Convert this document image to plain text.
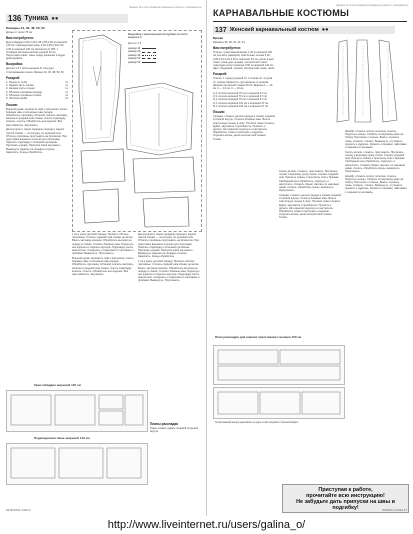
Данные без учета размеров приведены в расчете, описывая все.
136 Туника ●●
Размеры 44, 46, 48, 50, 52
Длина от талии 75 см
Вам потребуется:
Крeп-габардин 0,80-1,20-1,45-2,50-2,50 м шириной 140 см; подкладочная ткань 2,25-2,25-2,30-2,30-2,30 м шириной 140 см; флизелин G 785; 1 потайная застежка-молния длиной 22 см. Подготовка ткани: ткань перед раскроем следует декатировать.
Выкройка:
Детали 1-6 с листа выкроек D. Контуры: Стилизованная линия. Размер 44, 46, 48, 50, 52.
Раскрой:
1. Перед по сгибу	1х
2. Задняя часть спинки	1х
3. Нижняя часть спинки	1х
4. Обтачка горловины переда	1х
5. Обтачка горловины спинки	1х
6. Обтачка пройм	2х
Пошив:
Втачной рукав: перевести лиф с припуском. Сшить боковые швы и плечевые швы переда. Обработать горловину обтачкой, втачать застёжку-молнию в средний шов спинки. Сшить подкладку, втачать, отшить. Обработать низ изделия. Все швы обметать. Заутюжить.
Детали кроя и линии середины переда и задних частей спинки — по рисунку, по долевой нити. Обтачку горловины приутюжить на флизелин. При подготовке вырезать полоски для прокладки. Пришить подкладку к обтачкам горловины. Притачать рукава. Припуски швов заутюжить. Вывернуть изделие на лицевую сторону. Закрепить. Концы обработать.
Выкройка с нанесенными контурами на листе выкроек С
Детали 1-6
размер 44
размер 46
размер 48
размер 50
размер 52
1 см к срезу деталей переда. Пришить обтачку горловины. Стачать средний шов спинки до метки. Вшить застежку-молнию. Обработать вытачки на переде и спинке. Стачать боковые швы. Подогнуть низ изделия и подшить вручную. Подкладку сшить аналогично. Соединить с изделием по горловине и проймам. Вывернуть. Приутюжить.
Втачной рукав: перевести лиф с припуском. Сшить боковые швы и плечевые швы переда. Обработать горловину обтачкой, втачать застёжку-молнию в средний шов спинки. Сшить подкладку, втачать, отшить. Обработать низ изделия. Все швы обметать. Заутюжить.
Детали кроя и линии середины переда и задних частей спинки — по рисунку, по долевой нити. Обтачку горловины приутюжить на флизелин. При подготовке вырезать полоски для прокладки. Пришить подкладку к обтачкам горловины. Притачать рукава. Припуски швов заутюжить. Вывернуть изделие на лицевую сторону. Закрепить. Концы обработать.
1 см к срезу деталей переда. Пришить обтачку горловины. Стачать средний шов спинки до метки. Вшить застежку-молнию. Обработать вытачки на переде и спинке. Стачать боковые швы. Подогнуть низ изделия и подшить вручную. Подкладку сшить аналогично. Соединить с изделием по горловине и проймам. Вывернуть. Приутюжить.
Креп-габардин шириной 140 см
Подкладочная ткань шириной 140 см
Планы раскладки
Ткань сложить вдвое лицевой стороной внутрь.
56 BURDA 1/2012
Данные без учета размеров приведены в расчете, описывая все.
КАРНАВАЛЬНЫЕ КОСТЮМЫ
137 Женский карнавальный костюм ●●
Брюки
Размеры 36, 38, 40, 42, 44
Вам потребуется:
Платье, трикотажный велюр 1,40 м шириной 150 см для всех размеров; эластичная тесьма 3,00-3,05-3,10-3,15-3,20 м шириной 3,5 см; нитки в цвет ткани; ткань для укладки, контрастной ткани; подкладки сетки трикотаж 0,50 м шириной 140 см. Цвет: бордовый, черный. Контрастная ткань: шёлк.
Раскрой:
Платье: 1 перед средней 4х, 2 спинка 4х, 3 рукав 2х. Срезы совместить при раскрое по линиям. Ширина притачной планки 20 см. Ширина 1 — 16 см, 2 — 14 см, 3 — 16 см.
1) 1 полоса шириной 70 см и шириной 47 см
2) 1 полоса шириной 70 см и шириной 47 см
3) 1 полоса шириной 70 см и шириной 47 см
4) 1 полоса шириной 100 см и шириной 47 см
5) 1 полоса шириной 100 см и шириной 47 см
Пошив:
Складки: сложить детали переда и спинки лицевой стороной внутрь. Стачать боковые швы. Вшить эластичную тесьму в пояс. Полоски ткани сложить вдвое, заутюжить и присборить. Пришить к детали. Низ изделия подогнуть и настрочить. Обработать ткани и притачать к изделию. Отделать волан, рюши контрастной тканью. Готово.
Сшить детали, сложить, приутюжить. Притачать тесьму к верхнему срезу пояса. Стачать средний шов. Пришить планку и притачать пояс к брюкам. Свободный срез обработать, подогнуть и настрочить. Сложить брюки, сметать по шаговым швам, стачать, обработать срезы, вывернуть. Приутюжить.
Складки: сложить детали переда и спинки лицевой стороной внутрь. Стачать боковые швы. Вшить эластичную тесьму в пояс. Полоски ткани сложить вдвое, заутюжить и присборить. Пришить к детали. Низ изделия подогнуть и настрочить. Обработать ткани и притачать к изделию. Отделать волан, рюши контрастной тканью. Готово.
Шлейф: сложить полосу пополам, стачать. Подогнуть концы. Собрать по верхнему краю на сборку. Притачать к платью. Банты: отрезать ткань, сложить, стачать. Вывернуть, отутюжить, пришить к изделию. Украсить стразами, пайетками и перьями по желанию.
Сшить детали, сложить, приутюжить. Притачать тесьму к верхнему срезу пояса. Стачать средний шов. Пришить планку и притачать пояс к брюкам. Свободный срез обработать, подогнуть и настрочить. Сложить брюки, сметать по шаговым швам, стачать, обработать срезы, вывернуть. Приутюжить.
Шлейф: сложить полосу пополам, стачать. Подогнуть концы. Собрать по верхнему краю на сборку. Притачать к платью. Банты: отрезать ткань, сложить, стачать. Вывернуть, отутюжить, пришить к изделию. Украсить стразами, пайетками и перьями по желанию.
План раскладки для нижних трикотажного велюра 150 см
Трикотажный велюр разложить в один слой лицевой стороной вверх.
Приступая к работе,
прочитайте всю инструкцию!
Не забудьте дать припуски на швы и подгибку!	BURDA 1/2012 57
http://www.liveinternet.ru/users/galina_o/
